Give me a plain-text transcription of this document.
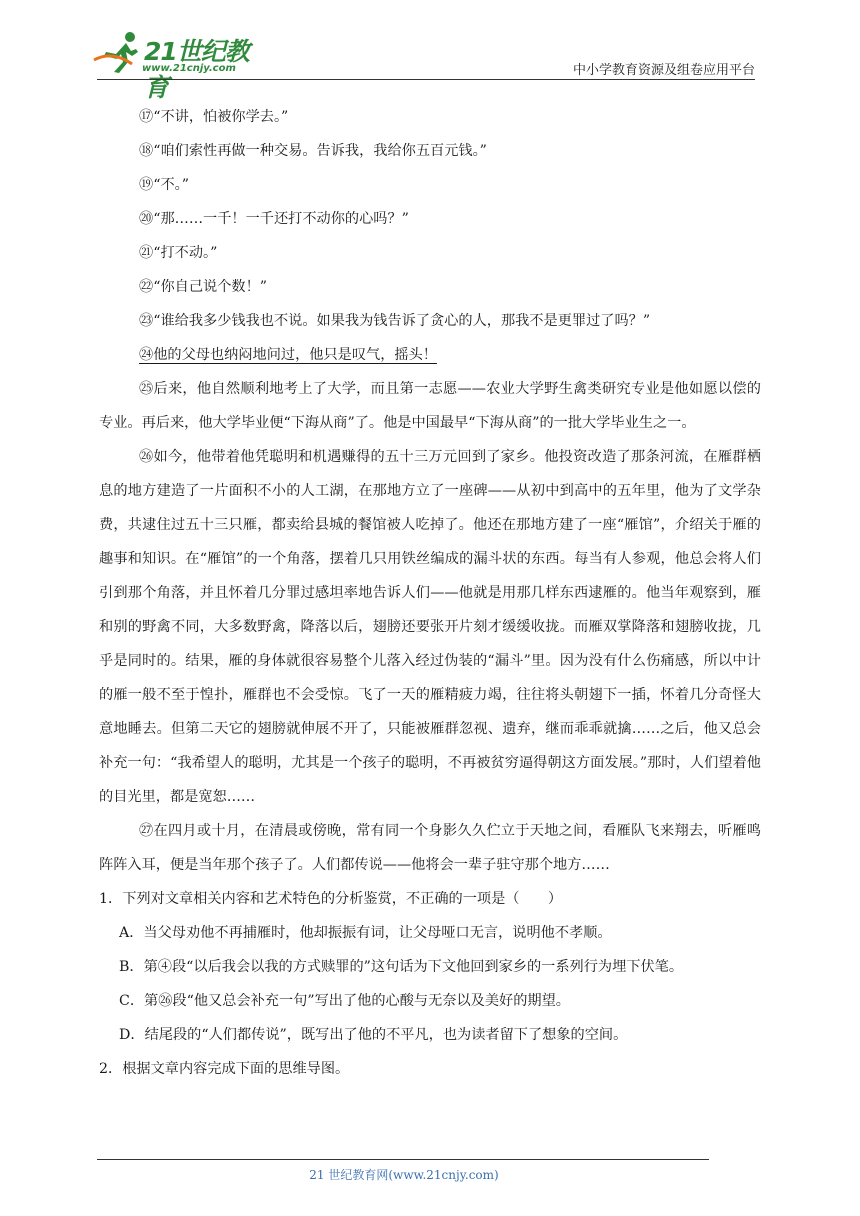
21世纪教育
www.21cnjy.com	中小学教育资源及组卷应用平台

⑰“不讲，怕被你学去。”

⑱“咱们索性再做一种交易。告诉我，我给你五百元钱。”

⑲“不。”

⑳“那……一千！一千还打不动你的心吗？”

㉑“打不动。”

㉒“你自己说个数！”

㉓“谁给我多少钱我也不说。如果我为钱告诉了贪心的人，那我不是更罪过了吗？”

㉔他的父母也纳闷地问过，他只是叹气，摇头！

㉕后来，他自然顺利地考上了大学，而且第一志愿——农业大学野生禽类研究专业是他如愿以偿的专业。再后来，他大学毕业便“下海从商”了。他是中国最早“下海从商”的一批大学毕业生之一。

㉖如今，他带着他凭聪明和机遇赚得的五十三万元回到了家乡。他投资改造了那条河流，在雁群栖息的地方建造了一片面积不小的人工湖，在那地方立了一座碑——从初中到高中的五年里，他为了文学杂费，共逮住过五十三只雁，都卖给县城的餐馆被人吃掉了。他还在那地方建了一座“雁馆”，介绍关于雁的趣事和知识。在“雁馆”的一个角落，摆着几只用铁丝编成的漏斗状的东西。每当有人参观，他总会将人们引到那个角落，并且怀着几分罪过感坦率地告诉人们——他就是用那几样东西逮雁的。他当年观察到，雁和别的野禽不同，大多数野禽，降落以后，翅膀还要张开片刻才缓缓收拢。而雁双掌降落和翅膀收拢，几乎是同时的。结果，雁的身体就很容易整个儿落入经过伪装的“漏斗”里。因为没有什么伤痛感，所以中计的雁一般不至于惶扑，雁群也不会受惊。飞了一天的雁精疲力竭，往往将头朝翅下一插，怀着几分奇怪大意地睡去。但第二天它的翅膀就伸展不开了，只能被雁群忽视、遗弃，继而乖乖就擒……之后，他又总会补充一句：“我希望人的聪明，尤其是一个孩子的聪明，不再被贫穷逼得朝这方面发展。”那时，人们望着他的目光里，都是宽恕……

㉗在四月或十月，在清晨或傍晚，常有同一个身影久久伫立于天地之间，看雁队飞来翔去，听雁鸣阵阵入耳，便是当年那个孩子了。人们都传说——他将会一辈子驻守那个地方……

1．下列对文章相关内容和艺术特色的分析鉴赏，不正确的一项是（　　）

A．当父母劝他不再捕雁时，他却振振有词，让父母哑口无言，说明他不孝顺。

B．第④段“以后我会以我的方式赎罪的”这句话为下文他回到家乡的一系列行为埋下伏笔。

C．第㉖段“他又总会补充一句”写出了他的心酸与无奈以及美好的期望。

D．结尾段的“人们都传说”，既写出了他的不平凡，也为读者留下了想象的空间。

2．根据文章内容完成下面的思维导图。

21 世纪教育网(www.21cnjy.com)
